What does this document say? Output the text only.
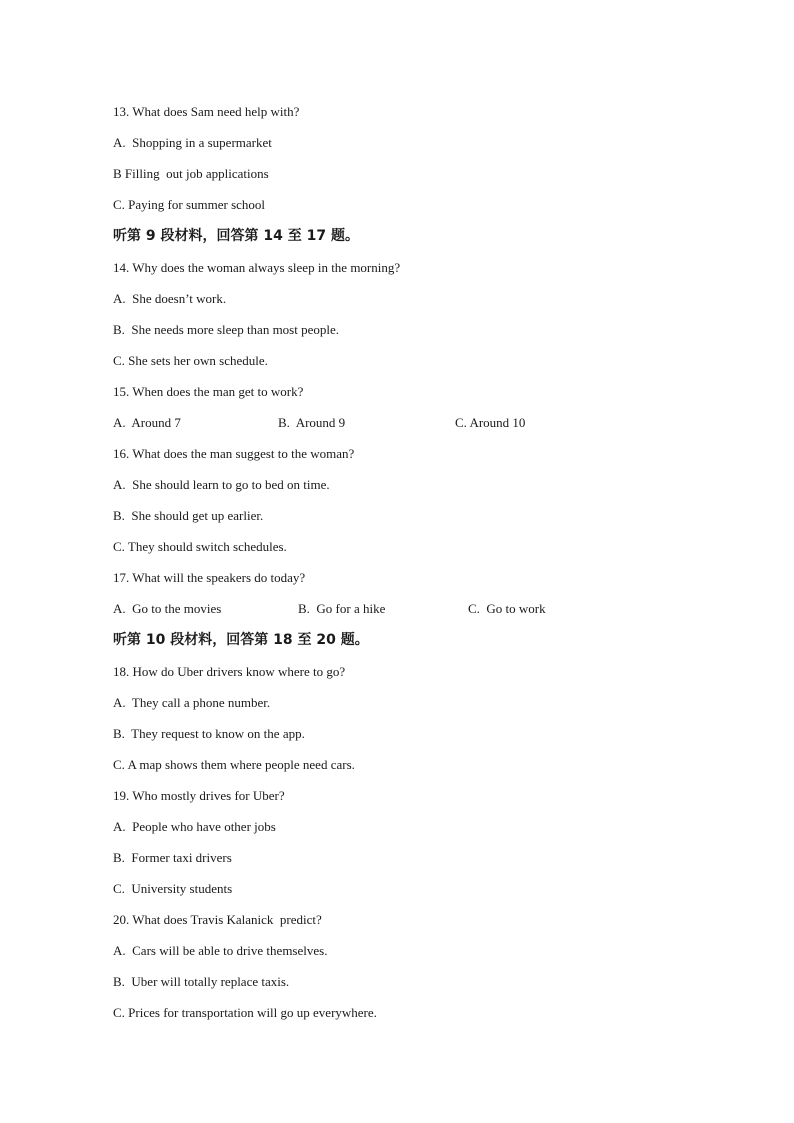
13. What does Sam need help with?
A.  Shopping in a supermarket
B Filling  out job applications
C. Paying for summer school
听第 9 段材料，回答第 14 至 17 题。
14. Why does the woman always sleep in the morning?
A.  She doesn’t work.
B.  She needs more sleep than most people.
C. She sets her own schedule.
15. When does the man get to work?
A.  Around 7	B.  Around 9	C. Around 10
16. What does the man suggest to the woman?
A.  She should learn to go to bed on time.
B.  She should get up earlier.
C. They should switch schedules.
17. What will the speakers do today?
A.  Go to the movies	B.  Go for a hike	C.  Go to work
听第 10 段材料，回答第 18 至 20 题。
18. How do Uber drivers know where to go?
A.  They call a phone number.
B.  They request to know on the app.
C. A map shows them where people need cars.
19. Who mostly drives for Uber?
A.  People who have other jobs
B.  Former taxi drivers
C.  University students
20. What does Travis Kalanick  predict?
A.  Cars will be able to drive themselves.
B.  Uber will totally replace taxis.
C. Prices for transportation will go up everywhere.
